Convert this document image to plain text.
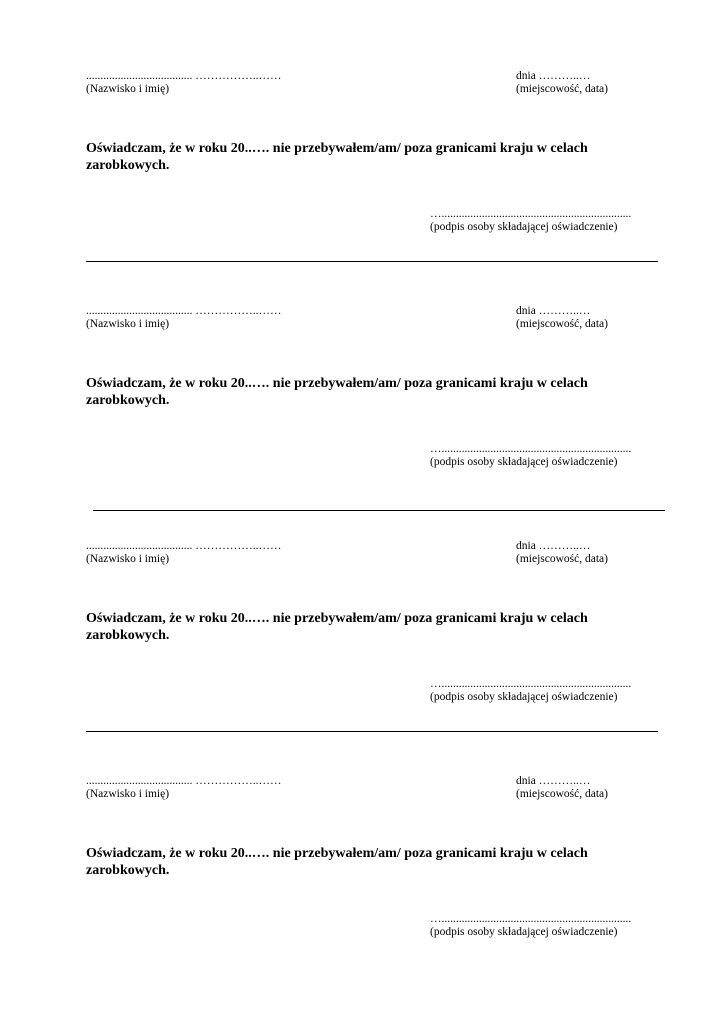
..................................... ……………..……
(Nazwisko i imię)
dnia ………..…
(miejscowość, data)
Oświadczam, że w roku 20..…. nie przebywałem/am/ poza granicami kraju w celach zarobkowych.
…..................................................................
(podpis osoby składającej oświadczenie)
..................................... ……………..……
(Nazwisko i imię)
dnia ………..…
(miejscowość, data)
Oświadczam, że w roku 20..…. nie przebywałem/am/ poza granicami kraju w celach zarobkowych.
…..................................................................
(podpis osoby składającej oświadczenie)
..................................... ……………..……
(Nazwisko i imię)
dnia ………..…
(miejscowość, data)
Oświadczam, że w roku 20..…. nie przebywałem/am/ poza granicami kraju w celach zarobkowych.
…..................................................................
(podpis osoby składającej oświadczenie)
..................................... ……………..……
(Nazwisko i imię)
dnia ………..…
(miejscowość, data)
Oświadczam, że w roku 20..…. nie przebywałem/am/ poza granicami kraju w celach zarobkowych.
…..................................................................
(podpis osoby składającej oświadczenie)
